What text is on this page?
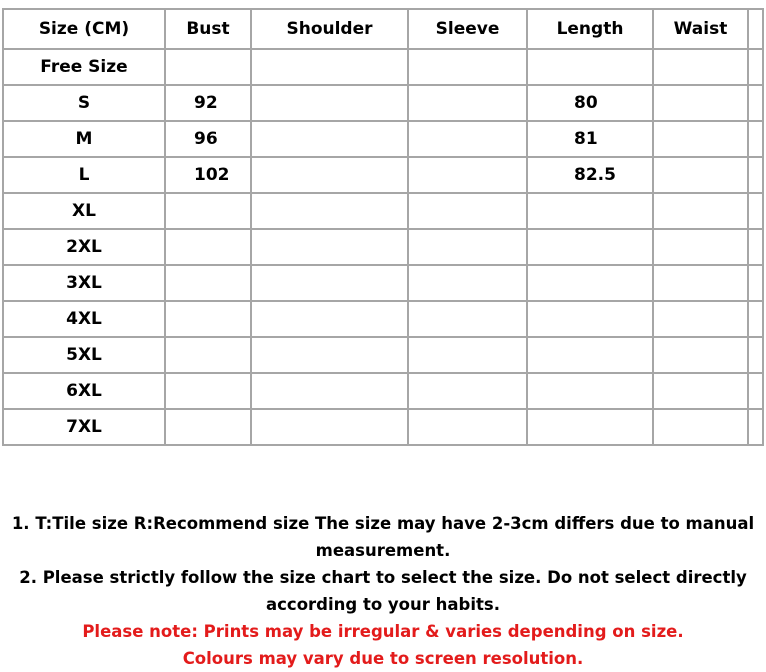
Size (CM)	Bust	Shoulder	Sleeve	Length	Waist	
Free Size						
S	92			80		
M	96			81		
L	102			82.5		
XL						
2XL						
3XL						
4XL						
5XL						
6XL						
7XL						
1. T:Tile size R:Recommend size The size may have 2-3cm differs due to manual
measurement.
2. Please strictly follow the size chart to select the size. Do not select directly
according to your habits.
Please note: Prints may be irregular & varies depending on size.
Colours may vary due to screen resolution.
